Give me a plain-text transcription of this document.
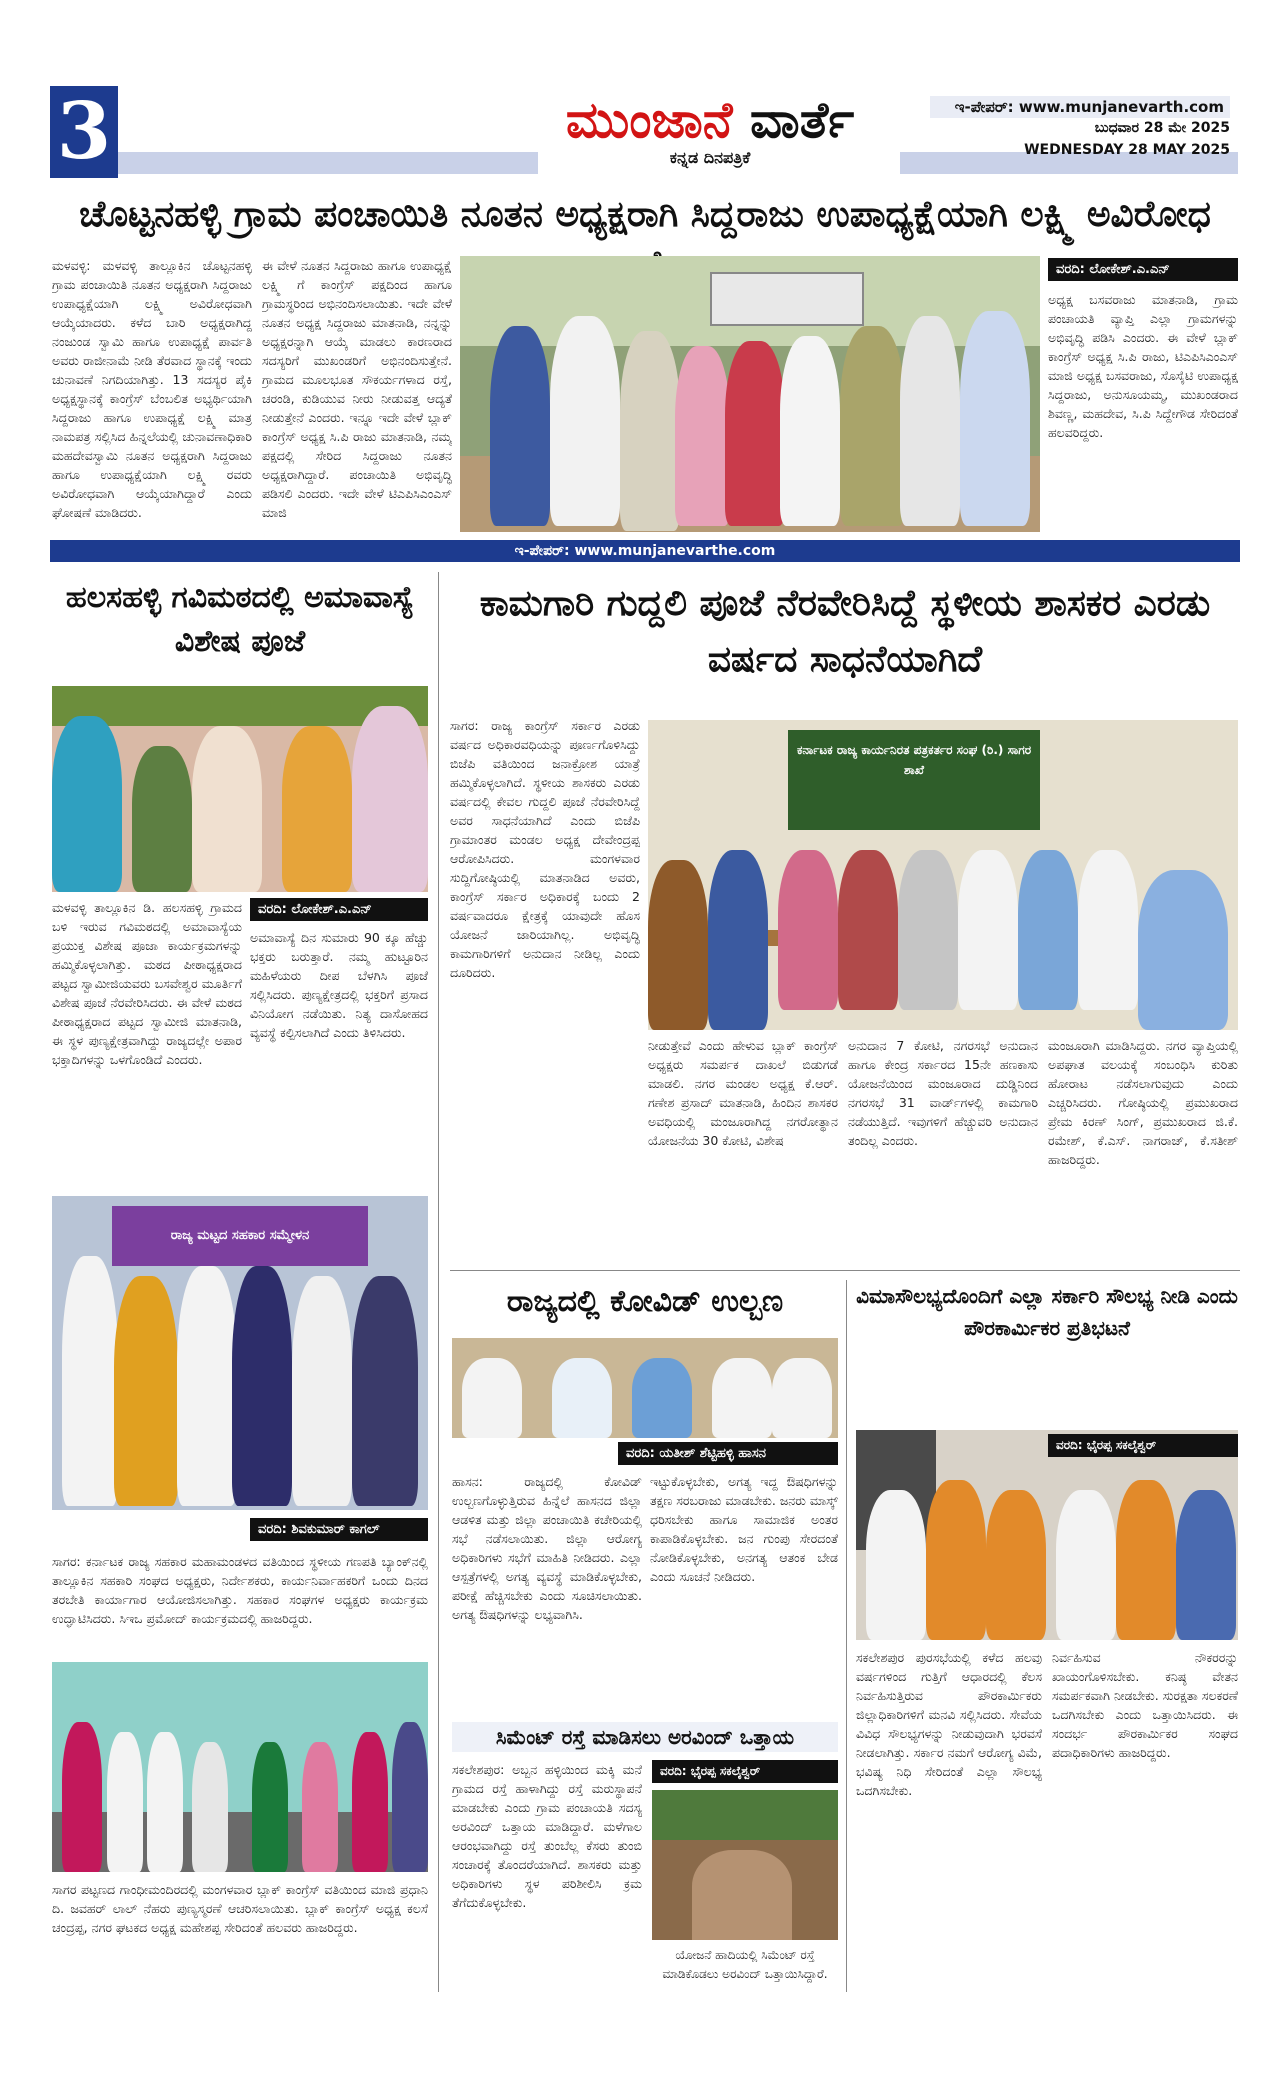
3	ಮುಂಜಾನೆ ವಾರ್ತೆ
ಕನ್ನಡ ದಿನಪತ್ರಿಕೆ
ಇ-ಪೇಪರ್: www.munjanevarth.com
ಬುಧವಾರ 28 ಮೇ 2025
WEDNESDAY 28 MAY 2025
ಚೊಟ್ಟನಹಳ್ಳಿ ಗ್ರಾಮ ಪಂಚಾಯಿತಿ ನೂತನ ಅಧ್ಯಕ್ಷರಾಗಿ ಸಿದ್ದರಾಜು ಉಪಾಧ್ಯಕ್ಷೆಯಾಗಿ ಲಕ್ಷ್ಮಿ ಅವಿರೋಧ
ಮಳವಳ್ಳಿ: ಮಳವಳ್ಳಿ ತಾಲ್ಲೂಕಿನ ಚೊಟ್ಟನಹಳ್ಳಿ ಗ್ರಾಮ ಪಂಚಾಯಿತಿ ನೂತನ ಅಧ್ಯಕ್ಷರಾಗಿ ಸಿದ್ದರಾಜು ಉಪಾಧ್ಯಕ್ಷೆಯಾಗಿ ಲಕ್ಷ್ಮಿ ಅವಿರೋಧವಾಗಿ ಆಯ್ಕೆಯಾದರು. ಕಳೆದ ಬಾರಿ ಅಧ್ಯಕ್ಷರಾಗಿದ್ದ ನಂಜುಂಡ ಸ್ವಾಮಿ ಹಾಗೂ ಉಪಾಧ್ಯಕ್ಷೆ ಪಾರ್ವತಿ ಅವರು ರಾಜೀನಾಮೆ ನೀಡಿ ತೆರವಾದ ಸ್ಥಾನಕ್ಕೆ ಇಂದು ಚುನಾವಣೆ ನಿಗದಿಯಾಗಿತ್ತು. 13 ಸದಸ್ಯರ ಪೈಕಿ ಅಧ್ಯಕ್ಷಸ್ಥಾನಕ್ಕೆ ಕಾಂಗ್ರೆಸ್ ಬೆಂಬಲಿತ ಅಭ್ಯರ್ಥಿಯಾಗಿ ಸಿದ್ದರಾಜು ಹಾಗೂ ಉಪಾಧ್ಯಕ್ಷೆ ಲಕ್ಷ್ಮಿ ಮಾತ್ರ ನಾಮಪತ್ರ ಸಲ್ಲಿಸಿದ ಹಿನ್ನಲೆಯಲ್ಲಿ ಚುನಾವಣಾಧಿಕಾರಿ ಮಹದೇವಸ್ವಾಮಿ ನೂತನ ಅಧ್ಯಕ್ಷರಾಗಿ ಸಿದ್ದರಾಜು ಹಾಗೂ ಉಪಾಧ್ಯಕ್ಷೆಯಾಗಿ ಲಕ್ಷ್ಮಿ ರವರು ಅವಿರೋಧವಾಗಿ ಆಯ್ಕೆಯಾಗಿದ್ದಾರೆ ಎಂದು ಘೋಷಣೆ ಮಾಡಿದರು.
ಈ ವೇಳೆ ನೂತನ ಸಿದ್ದರಾಜು ಹಾಗೂ ಉಪಾಧ್ಯಕ್ಷೆ ಲಕ್ಷ್ಮಿ ಗೆ ಕಾಂಗ್ರೆಸ್ ಪಕ್ಷದಿಂದ ಹಾಗೂ ಗ್ರಾಮಸ್ಥರಿಂದ ಅಭಿನಂದಿಸಲಾಯಿತು. ಇದೇ ವೇಳೆ ನೂತನ ಅಧ್ಯಕ್ಷ ಸಿದ್ದರಾಜು ಮಾತನಾಡಿ, ನನ್ನನ್ನು ಅಧ್ಯಕ್ಷರನ್ನಾಗಿ ಆಯ್ಕೆ ಮಾಡಲು ಕಾರಣರಾದ ಸದಸ್ಯರಿಗೆ ಮುಖಂಡರಿಗೆ ಅಭಿನಂದಿಸುತ್ತೇನೆ. ಗ್ರಾಮದ ಮೂಲಭೂತ ಸೌಕರ್ಯಗಳಾದ ರಸ್ತೆ, ಚರಂಡಿ, ಕುಡಿಯುವ ನೀರು ನೀಡುವತ್ತ ಆದ್ಯತೆ ನೀಡುತ್ತೇನೆ ಎಂದರು. ಇನ್ನೂ ಇದೇ ವೇಳೆ ಬ್ಲಾಕ್ ಕಾಂಗ್ರೆಸ್ ಅಧ್ಯಕ್ಷ ಸಿ.ಪಿ ರಾಜು ಮಾತನಾಡಿ, ನಮ್ಮ ಪಕ್ಷದಲ್ಲಿ ಸೇರಿದ ಸಿದ್ದರಾಜು ನೂತನ ಅಧ್ಯಕ್ಷರಾಗಿದ್ದಾರೆ. ಪಂಚಾಯಿತಿ ಅಭಿವೃದ್ಧಿ ಪಡಿಸಲಿ ಎಂದರು. ಇದೇ ವೇಳೆ ಟಿಎಪಿಸಿಎಂಎಸ್ ಮಾಜಿ
ವರದಿ: ಲೋಕೇಶ್.ಎ.ಎನ್
ಅಧ್ಯಕ್ಷ ಬಸವರಾಜು ಮಾತನಾಡಿ, ಗ್ರಾಮ ಪಂಚಾಯತಿ ವ್ಯಾಪ್ತಿ ಎಲ್ಲಾ ಗ್ರಾಮಗಳನ್ನು ಅಭಿವೃದ್ಧಿ ಪಡಿಸಿ ಎಂದರು. ಈ ವೇಳೆ ಬ್ಲಾಕ್ ಕಾಂಗ್ರೆಸ್ ಅಧ್ಯಕ್ಷ ಸಿ.ಪಿ ರಾಜು, ಟಿಎಪಿಸಿಎಂಎಸ್ ಮಾಜಿ ಅಧ್ಯಕ್ಷ ಬಸವರಾಜು, ಸೊಸೈಟಿ ಉಪಾಧ್ಯಕ್ಷ ಸಿದ್ದರಾಜು, ಅನುಸೂಯಮ್ಮ, ಮುಖಂಡರಾದ ಶಿವಣ್ಣ, ಮಹದೇವ, ಸಿ.ಪಿ ಸಿದ್ದೇಗೌಡ ಸೇರಿದಂತೆ ಹಲವರಿದ್ದರು.
ಇ-ಪೇಪರ್: www.munjanevarthe.com
ಹಲಸಹಳ್ಳಿ ಗವಿಮಠದಲ್ಲಿ ಅಮಾವಾಸ್ಯೆ ವಿಶೇಷ ಪೂಜೆ
ಮಳವಳ್ಳಿ ತಾಲ್ಲೂಕಿನ ಡಿ. ಹಲಸಹಳ್ಳಿ ಗ್ರಾಮದ ಬಳಿ ಇರುವ ಗವಿಮಠದಲ್ಲಿ ಅಮಾವಾಸ್ಯೆಯ ಪ್ರಯುಕ್ತ ವಿಶೇಷ ಪೂಜಾ ಕಾರ್ಯಕ್ರಮಗಳನ್ನು ಹಮ್ಮಿಕೊಳ್ಳಲಾಗಿತ್ತು. ಮಠದ ಪೀಠಾಧ್ಯಕ್ಷರಾದ ಪಟ್ಟದ ಸ್ವಾಮೀಜಿಯವರು ಬಸವೇಶ್ವರ ಮೂರ್ತಿಗೆ ವಿಶೇಷ ಪೂಜೆ ನೆರವೇರಿಸಿದರು. ಈ ವೇಳೆ ಮಠದ ಪೀಠಾಧ್ಯಕ್ಷರಾದ ಪಟ್ಟದ ಸ್ವಾಮೀಜಿ ಮಾತನಾಡಿ, ಈ ಸ್ಥಳ ಪುಣ್ಯಕ್ಷೇತ್ರವಾಗಿದ್ದು ರಾಜ್ಯದಲ್ಲೇ ಅಪಾರ ಭಕ್ತಾದಿಗಳನ್ನು ಒಳಗೊಂಡಿದೆ ಎಂದರು.
ವರದಿ: ಲೋಕೇಶ್.ಎ.ಎನ್
ಅಮಾವಾಸ್ಯೆ ದಿನ ಸುಮಾರು 90 ಕ್ಕೂ ಹೆಚ್ಚು ಭಕ್ತರು ಬರುತ್ತಾರೆ. ನಮ್ಮ ಹುಟ್ಟೂರಿನ ಮಹಿಳೆಯರು ದೀಪ ಬೆಳಗಿಸಿ ಪೂಜೆ ಸಲ್ಲಿಸಿದರು. ಪುಣ್ಯಕ್ಷೇತ್ರದಲ್ಲಿ ಭಕ್ತರಿಗೆ ಪ್ರಸಾದ ವಿನಿಯೋಗ ನಡೆಯಿತು. ನಿತ್ಯ ದಾಸೋಹದ ವ್ಯವಸ್ಥೆ ಕಲ್ಪಿಸಲಾಗಿದೆ ಎಂದು ತಿಳಿಸಿದರು.
ರಾಜ್ಯ ಮಟ್ಟದ ಸಹಕಾರ ಸಮ್ಮೇಳನ
ವರದಿ: ಶಿವಕುಮಾರ್ ಕಾಗಲ್
ಸಾಗರ: ಕರ್ನಾಟಕ ರಾಜ್ಯ ಸಹಕಾರ ಮಹಾಮಂಡಳದ ವತಿಯಿಂದ ಸ್ಥಳೀಯ ಗಣಪತಿ ಬ್ಯಾಂಕ್‌ನಲ್ಲಿ ತಾಲ್ಲೂಕಿನ ಸಹಕಾರಿ ಸಂಘದ ಅಧ್ಯಕ್ಷರು, ನಿರ್ದೇಶಕರು, ಕಾರ್ಯನಿರ್ವಾಹಕರಿಗೆ ಒಂದು ದಿನದ ತರಬೇತಿ ಕಾರ್ಯಾಗಾರ ಆಯೋಜಿಸಲಾಗಿತ್ತು. ಸಹಕಾರ ಸಂಘಗಳ ಅಧ್ಯಕ್ಷರು ಕಾರ್ಯಕ್ರಮ ಉದ್ಘಾಟಿಸಿದರು. ಸಿಇಒ ಪ್ರಮೋದ್ ಕಾರ್ಯಕ್ರಮದಲ್ಲಿ ಹಾಜರಿದ್ದರು.
ಸಾಗರ ಪಟ್ಟಣದ ಗಾಂಧೀಮಂದಿರದಲ್ಲಿ ಮಂಗಳವಾರ ಬ್ಲಾಕ್ ಕಾಂಗ್ರೆಸ್ ವತಿಯಿಂದ ಮಾಜಿ ಪ್ರಧಾನಿ ದಿ. ಜವಹರ್ ಲಾಲ್ ನೆಹರು ಪುಣ್ಯಸ್ಮರಣೆ ಆಚರಿಸಲಾಯಿತು. ಬ್ಲಾಕ್ ಕಾಂಗ್ರೆಸ್ ಅಧ್ಯಕ್ಷ ಕಲಸೆ ಚಂದ್ರಪ್ಪ, ನಗರ ಘಟಕದ ಅಧ್ಯಕ್ಷ ಮಹೇಶಪ್ಪ ಸೇರಿದಂತೆ ಹಲವರು ಹಾಜರಿದ್ದರು.
ಕಾಮಗಾರಿ ಗುದ್ದಲಿ ಪೂಜೆ ನೆರವೇರಿಸಿದ್ದೆ ಸ್ಥಳೀಯ ಶಾಸಕರ ಎರಡು ವರ್ಷದ ಸಾಧನೆಯಾಗಿದೆ
ಸಾಗರ: ರಾಜ್ಯ ಕಾಂಗ್ರೆಸ್ ಸರ್ಕಾರ ಎರಡು ವರ್ಷದ ಅಧಿಕಾರವಧಿಯನ್ನು ಪೂರ್ಣಗೊಳಿಸಿದ್ದು ಬಿಜೆಪಿ ವತಿಯಿಂದ ಜನಾಕ್ರೋಶ ಯಾತ್ರೆ ಹಮ್ಮಿಕೊಳ್ಳಲಾಗಿದೆ. ಸ್ಥಳೀಯ ಶಾಸಕರು ಎರಡು ವರ್ಷದಲ್ಲಿ ಕೇವಲ ಗುದ್ದಲಿ ಪೂಜೆ ನೆರವೇರಿಸಿದ್ದೆ ಅವರ ಸಾಧನೆಯಾಗಿದೆ ಎಂದು ಬಿಜೆಪಿ ಗ್ರಾಮಾಂತರ ಮಂಡಲ ಅಧ್ಯಕ್ಷ ದೇವೇಂದ್ರಪ್ಪ ಆರೋಪಿಸಿದರು. ಮಂಗಳವಾರ ಸುದ್ದಿಗೋಷ್ಠಿಯಲ್ಲಿ ಮಾತನಾಡಿದ ಅವರು, ಕಾಂಗ್ರೆಸ್ ಸರ್ಕಾರ ಅಧಿಕಾರಕ್ಕೆ ಬಂದು 2 ವರ್ಷವಾದರೂ ಕ್ಷೇತ್ರಕ್ಕೆ ಯಾವುದೇ ಹೊಸ ಯೋಜನೆ ಜಾರಿಯಾಗಿಲ್ಲ. ಅಭಿವೃದ್ಧಿ ಕಾಮಗಾರಿಗಳಿಗೆ ಅನುದಾನ ನೀಡಿಲ್ಲ ಎಂದು ದೂರಿದರು.
ಕರ್ನಾಟಕ ರಾಜ್ಯ ಕಾರ್ಯನಿರತ ಪತ್ರಕರ್ತರ ಸಂಘ (ರಿ.) ಸಾಗರ ಶಾಖೆ
ನೀಡುತ್ತೇವೆ ಎಂದು ಹೇಳುವ ಬ್ಲಾಕ್ ಕಾಂಗ್ರೆಸ್ ಅಧ್ಯಕ್ಷರು ಸಮರ್ಪಕ ದಾಖಲೆ ಬಿಡುಗಡೆ ಮಾಡಲಿ. ನಗರ ಮಂಡಲ ಅಧ್ಯಕ್ಷ ಕೆ.ಆರ್. ಗಣೇಶ ಪ್ರಸಾದ್ ಮಾತನಾಡಿ, ಹಿಂದಿನ ಶಾಸಕರ ಅವಧಿಯಲ್ಲಿ ಮಂಜೂರಾಗಿದ್ದ ನಗರೋತ್ಥಾನ ಯೋಜನೆಯ 30 ಕೋಟಿ, ವಿಶೇಷ
ಅನುದಾನ 7 ಕೋಟಿ, ನಗರಸಭೆ ಅನುದಾನ ಹಾಗೂ ಕೇಂದ್ರ ಸರ್ಕಾರದ 15ನೇ ಹಣಕಾಸು ಯೋಜನೆಯಿಂದ ಮಂಜೂರಾದ ದುಡ್ಡಿನಿಂದ ನಗರಸಭೆ 31 ವಾರ್ಡ್‌ಗಳಲ್ಲಿ ಕಾಮಗಾರಿ ನಡೆಯುತ್ತಿದೆ. ಇವುಗಳಿಗೆ ಹೆಚ್ಚುವರಿ ಅನುದಾನ ತಂದಿಲ್ಲ ಎಂದರು.
ಮಂಜೂರಾಗಿ ಮಾಡಿಸಿದ್ದರು. ನಗರ ವ್ಯಾಪ್ತಿಯಲ್ಲಿ ಅಪಘಾತ ವಲಯಕ್ಕೆ ಸಂಬಂಧಿಸಿ ಕುರಿತು ಹೋರಾಟ ನಡೆಸಲಾಗುವುದು ಎಂದು ಎಚ್ಚರಿಸಿದರು. ಗೋಷ್ಠಿಯಲ್ಲಿ ಪ್ರಮುಖರಾದ ಪ್ರೇಮ ಕಿರಣ್ ಸಿಂಗ್, ಪ್ರಮುಖರಾದ ಜಿ.ಕೆ. ರಮೇಶ್, ಕೆ.ಎಸ್. ನಾಗರಾಜ್, ಕೆ.ಸತೀಶ್ ಹಾಜರಿದ್ದರು.
ರಾಜ್ಯದಲ್ಲಿ ಕೋವಿಡ್ ಉಲ್ಬಣ
ವರದಿ: ಯತೀಶ್ ಶೆಟ್ಟಿಹಳ್ಳಿ ಹಾಸನ
ಹಾಸನ: ರಾಜ್ಯದಲ್ಲಿ ಕೋವಿಡ್ ಉಲ್ಬಣಗೊಳ್ಳುತ್ತಿರುವ ಹಿನ್ನೆಲೆ ಹಾಸನದ ಜಿಲ್ಲಾ ಆಡಳಿತ ಮತ್ತು ಜಿಲ್ಲಾ ಪಂಚಾಯಿತಿ ಕಚೇರಿಯಲ್ಲಿ ಸಭೆ ನಡೆಸಲಾಯಿತು. ಜಿಲ್ಲಾ ಆರೋಗ್ಯ ಅಧಿಕಾರಿಗಳು ಸಭೆಗೆ ಮಾಹಿತಿ ನೀಡಿದರು. ಎಲ್ಲಾ ಆಸ್ಪತ್ರೆಗಳಲ್ಲಿ ಅಗತ್ಯ ವ್ಯವಸ್ಥೆ ಮಾಡಿಕೊಳ್ಳಬೇಕು, ಪರೀಕ್ಷೆ ಹೆಚ್ಚಿಸಬೇಕು ಎಂದು ಸೂಚಿಸಲಾಯಿತು. ಅಗತ್ಯ ಔಷಧಿಗಳನ್ನು ಲಭ್ಯವಾಗಿಸಿ.
ಇಟ್ಟುಕೊಳ್ಳಬೇಕು, ಅಗತ್ಯ ಇದ್ದ ಔಷಧಿಗಳನ್ನು ತಕ್ಷಣ ಸರಬರಾಜು ಮಾಡಬೇಕು. ಜನರು ಮಾಸ್ಕ್ ಧರಿಸಬೇಕು ಹಾಗೂ ಸಾಮಾಜಿಕ ಅಂತರ ಕಾಪಾಡಿಕೊಳ್ಳಬೇಕು. ಜನ ಗುಂಪು ಸೇರದಂತೆ ನೋಡಿಕೊಳ್ಳಬೇಕು, ಅನಗತ್ಯ ಆತಂಕ ಬೇಡ ಎಂದು ಸೂಚನೆ ನೀಡಿದರು.
ಸಿಮೆಂಟ್ ರಸ್ತೆ ಮಾಡಿಸಲು ಅರವಿಂದ್ ಒತ್ತಾಯ
ಸಕಲೇಶಪುರ: ಅಬ್ಬನ ಹಳ್ಳಿಯಿಂದ ಮಕ್ಕಿ ಮನೆ ಗ್ರಾಮದ ರಸ್ತೆ ಹಾಳಾಗಿದ್ದು ರಸ್ತೆ ಮರುಸ್ಥಾಪನೆ ಮಾಡಬೇಕು ಎಂದು ಗ್ರಾಮ ಪಂಚಾಯತಿ ಸದಸ್ಯ ಅರವಿಂದ್ ಒತ್ತಾಯ ಮಾಡಿದ್ದಾರೆ. ಮಳೆಗಾಲ ಆರಂಭವಾಗಿದ್ದು ರಸ್ತೆ ತುಂಬೆಲ್ಲ ಕೆಸರು ತುಂಬಿ ಸಂಚಾರಕ್ಕೆ ತೊಂದರೆಯಾಗಿದೆ. ಶಾಸಕರು ಮತ್ತು ಅಧಿಕಾರಿಗಳು ಸ್ಥಳ ಪರಿಶೀಲಿಸಿ ಕ್ರಮ ತೆಗೆದುಕೊಳ್ಳಬೇಕು.
ವರದಿ: ಭೈರಪ್ಪ ಸಕಲೈಶ್ವರ್
ಯೋಜನೆ ಹಾದಿಯಲ್ಲಿ ಸಿಮೆಂಟ್ ರಸ್ತೆ ಮಾಡಿಕೊಡಲು ಅರವಿಂದ್ ಒತ್ತಾಯಿಸಿದ್ದಾರೆ.
ವಿಮಾಸೌಲಭ್ಯದೊಂದಿಗೆ ಎಲ್ಲಾ ಸರ್ಕಾರಿ ಸೌಲಭ್ಯ ನೀಡಿ ಎಂದು ಪೌರಕಾರ್ಮಿಕರ ಪ್ರತಿಭಟನೆ
ವರದಿ: ಭೈರಪ್ಪ ಸಕಲೈಶ್ವರ್
ಸಕಲೇಶಪುರ ಪುರಸಭೆಯಲ್ಲಿ ಕಳೆದ ಹಲವು ವರ್ಷಗಳಿಂದ ಗುತ್ತಿಗೆ ಆಧಾರದಲ್ಲಿ ಕೆಲಸ ನಿರ್ವಹಿಸುತ್ತಿರುವ ಪೌರಕಾರ್ಮಿಕರು ಜಿಲ್ಲಾಧಿಕಾರಿಗಳಿಗೆ ಮನವಿ ಸಲ್ಲಿಸಿದರು. ಸೇವೆಯ ವಿವಿಧ ಸೌಲಭ್ಯಗಳನ್ನು ನೀಡುವುದಾಗಿ ಭರವಸೆ ನೀಡಲಾಗಿತ್ತು. ಸರ್ಕಾರ ನಮಗೆ ಆರೋಗ್ಯ ವಿಮೆ, ಭವಿಷ್ಯ ನಿಧಿ ಸೇರಿದಂತೆ ಎಲ್ಲಾ ಸೌಲಭ್ಯ ಒದಗಿಸಬೇಕು.
ನಿರ್ವಹಿಸುವ ನೌಕರರನ್ನು ಖಾಯಂಗೊಳಿಸಬೇಕು. ಕನಿಷ್ಠ ವೇತನ ಸಮರ್ಪಕವಾಗಿ ನೀಡಬೇಕು. ಸುರಕ್ಷತಾ ಸಲಕರಣೆ ಒದಗಿಸಬೇಕು ಎಂದು ಒತ್ತಾಯಿಸಿದರು. ಈ ಸಂದರ್ಭ ಪೌರಕಾರ್ಮಿಕರ ಸಂಘದ ಪದಾಧಿಕಾರಿಗಳು ಹಾಜರಿದ್ದರು.
